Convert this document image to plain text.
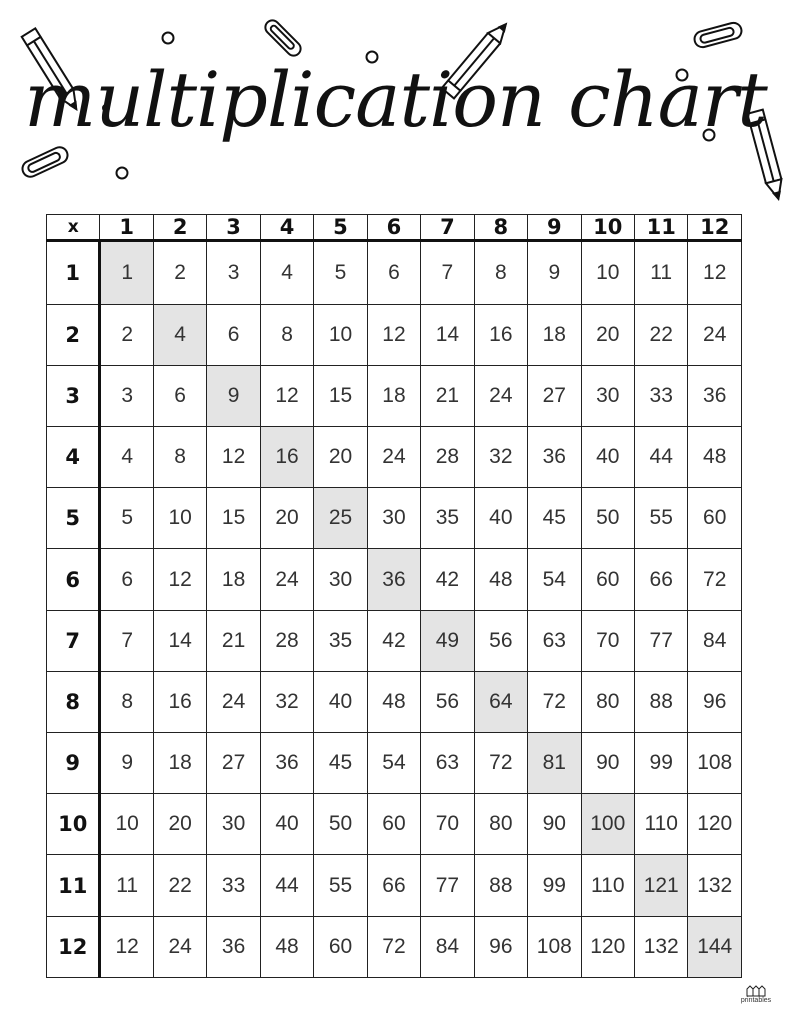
multiplication chart
x	1	2	3	4	5	6	7	8	9	10	11	12
1	1	2	3	4	5	6	7	8	9	10	11	12
2	2	4	6	8	10	12	14	16	18	20	22	24
3	3	6	9	12	15	18	21	24	27	30	33	36
4	4	8	12	16	20	24	28	32	36	40	44	48
5	5	10	15	20	25	30	35	40	45	50	55	60
6	6	12	18	24	30	36	42	48	54	60	66	72
7	7	14	21	28	35	42	49	56	63	70	77	84
8	8	16	24	32	40	48	56	64	72	80	88	96
9	9	18	27	36	45	54	63	72	81	90	99	108
10	10	20	30	40	50	60	70	80	90	100	110	120
11	11	22	33	44	55	66	77	88	99	110	121	132
12	12	24	36	48	60	72	84	96	108	120	132	144
printables
